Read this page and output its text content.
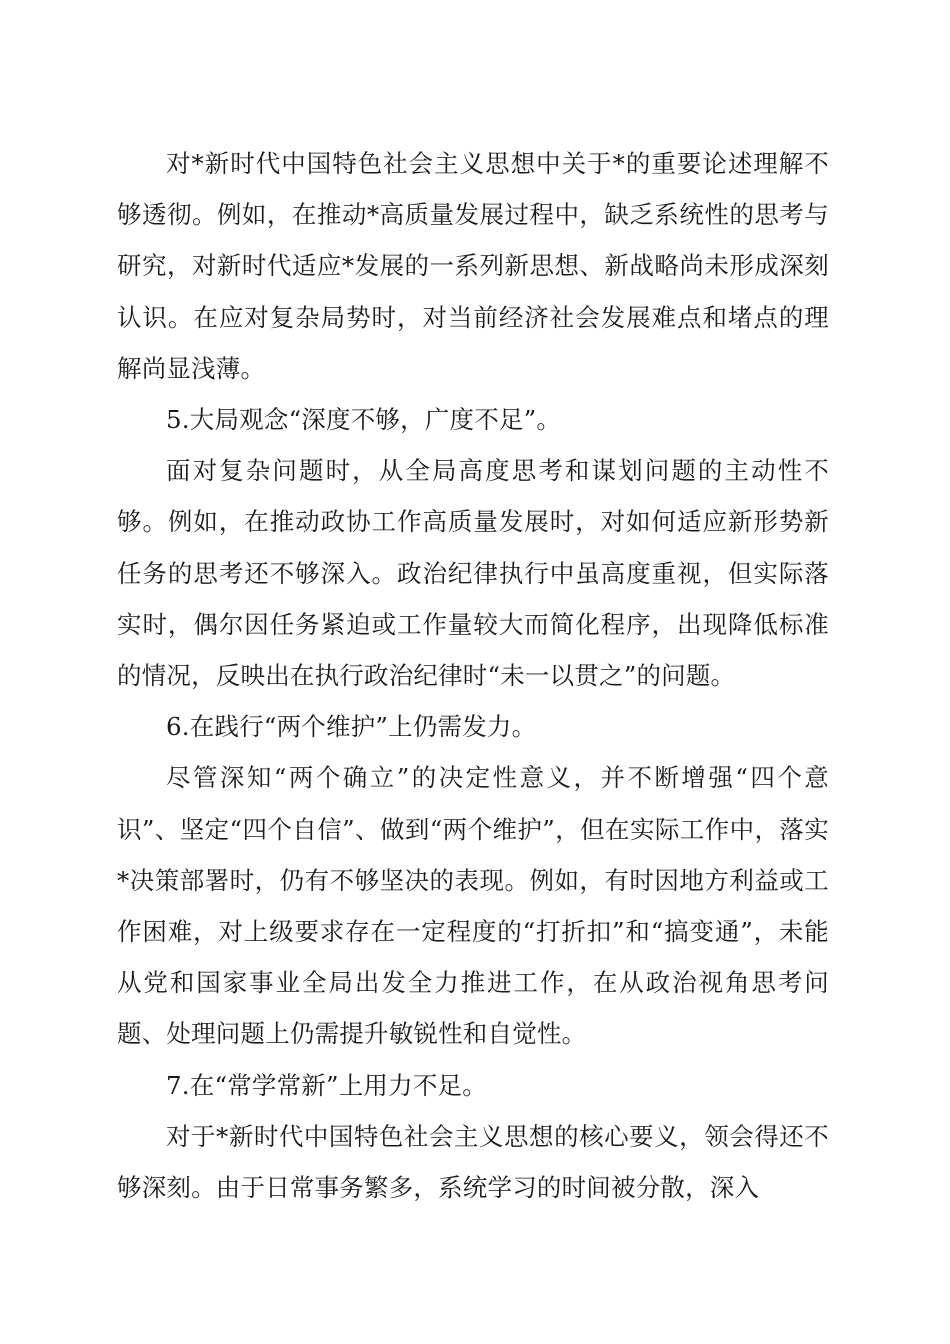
对*新时代中国特色社会主义思想中关于*的重要论述理解不够透彻。例如，在推动*高质量发展过程中，缺乏系统性的思考与研究，对新时代适应*发展的一系列新思想、新战略尚未形成深刻认识。在应对复杂局势时，对当前经济社会发展难点和堵点的理解尚显浅薄。

5.大局观念“深度不够，广度不足”。

面对复杂问题时，从全局高度思考和谋划问题的主动性不够。例如，在推动政协工作高质量发展时，对如何适应新形势新任务的思考还不够深入。政治纪律执行中虽高度重视，但实际落实时，偶尔因任务紧迫或工作量较大而简化程序，出现降低标准的情况，反映出在执行政治纪律时“未一以贯之”的问题。

6.在践行“两个维护”上仍需发力。

尽管深知“两个确立”的决定性意义，并不断增强“四个意识”、坚定“四个自信”、做到“两个维护”，但在实际工作中，落实*决策部署时，仍有不够坚决的表现。例如，有时因地方利益或工作困难，对上级要求存在一定程度的“打折扣”和“搞变通”，未能从党和国家事业全局出发全力推进工作，在从政治视角思考问题、处理问题上仍需提升敏锐性和自觉性。

7.在“常学常新”上用力不足。

对于*新时代中国特色社会主义思想的核心要义，领会得还不够深刻。由于日常事务繁多，系统学习的时间被分散，深入
